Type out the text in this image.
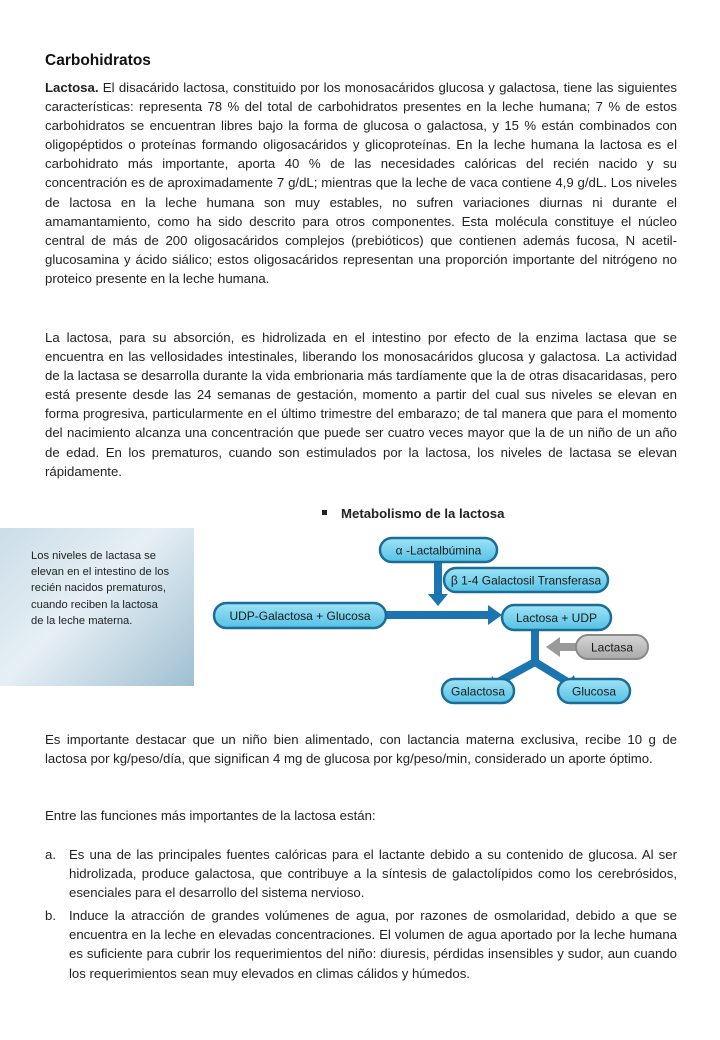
Carbohidratos

Lactosa. El disacárido lactosa, constituido por los monosacáridos glucosa y galactosa, tiene las siguientes características: representa 78 % del total de carbohidratos presentes en la leche humana; 7 % de estos carbohidratos se encuentran libres bajo la forma de glucosa o galactosa, y 15 % están combinados con oligopéptidos o proteínas formando oligosacáridos y glicoproteínas. En la leche humana la lactosa es el carbohidrato más importante, aporta 40 % de las necesidades calóricas del recién nacido y su concentración es de aproximadamente 7 g/dL; mientras que la leche de vaca contiene 4,9 g/dL. Los niveles de lactosa en la leche humana son muy estables, no sufren variaciones diurnas ni durante el amamantamiento, como ha sido descrito para otros componentes. Esta molécula constituye el núcleo central de más de 200 oligosacáridos complejos (prebióticos) que contienen además fucosa, N acetil-glucosamina y ácido siálico; estos oligosacáridos representan una proporción importante del nitrógeno no proteico presente en la leche humana.

La lactosa, para su absorción, es hidrolizada en el intestino por efecto de la enzima lactasa que se encuentra en las vellosidades intestinales, liberando los monosacáridos glucosa y galactosa. La actividad de la lactasa se desarrolla durante la vida embrionaria más tardíamente que la de otras disacaridasas, pero está presente desde las 24 semanas de gestación, momento a partir del cual sus niveles se elevan en forma progresiva, particularmente en el último trimestre del embarazo; de tal manera que para el momento del nacimiento alcanza una concentración que puede ser cuatro veces mayor que la de un niño de un año de edad. En los prematuros, cuando son estimulados por la lactosa, los niveles de lactasa se elevan rápidamente.

Los niveles de lactasa se elevan en el intestino de los recién nacidos prematuros, cuando reciben la lactosa de la leche materna.
Metabolismo de la lactosa
α -Lactalbúmina
β 1-4 Galactosil Transferasa
UDP-Galactosa + Glucosa	Lactosa + UDP
Lactasa
Galactosa	Glucosa

Es importante destacar que un niño bien alimentado, con lactancia materna exclusiva, recibe 10 g de lactosa por kg/peso/día, que significan 4 mg de glucosa por kg/peso/min, considerado un aporte óptimo.

Entre las funciones más importantes de la lactosa están:

a. Es una de las principales fuentes calóricas para el lactante debido a su contenido de glucosa. Al ser hidrolizada, produce galactosa, que contribuye a la síntesis de galactolípidos como los cerebrósidos, esenciales para el desarrollo del sistema nervioso.
b. Induce la atracción de grandes volúmenes de agua, por razones de osmolaridad, debido a que se encuentra en la leche en elevadas concentraciones. El volumen de agua aportado por la leche humana es suficiente para cubrir los requerimientos del niño: diuresis, pérdidas insensibles y sudor, aun cuando los requerimientos sean muy elevados en climas cálidos y húmedos.
